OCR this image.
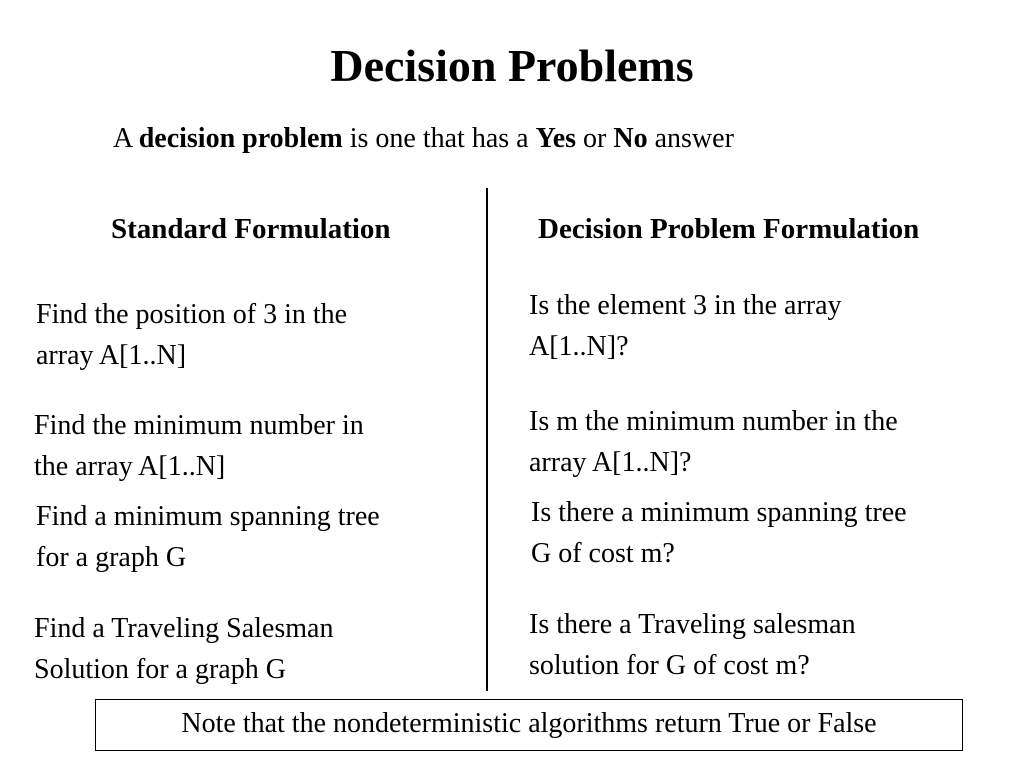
Decision Problems
A decision problem is one that has a Yes or No answer
Standard Formulation	Decision Problem Formulation
Find the position of 3 in the
array A[1..N]
Find the minimum number in
the array A[1..N]
Find a minimum spanning tree
for a graph G
Find a Traveling Salesman
Solution for a graph G
Is the element 3 in the array
A[1..N]?
Is m the minimum number in the
array A[1..N]?
Is there a minimum spanning tree
G of cost m?
Is there a Traveling salesman
solution for G of cost m?
Note that the nondeterministic algorithms return True or False
